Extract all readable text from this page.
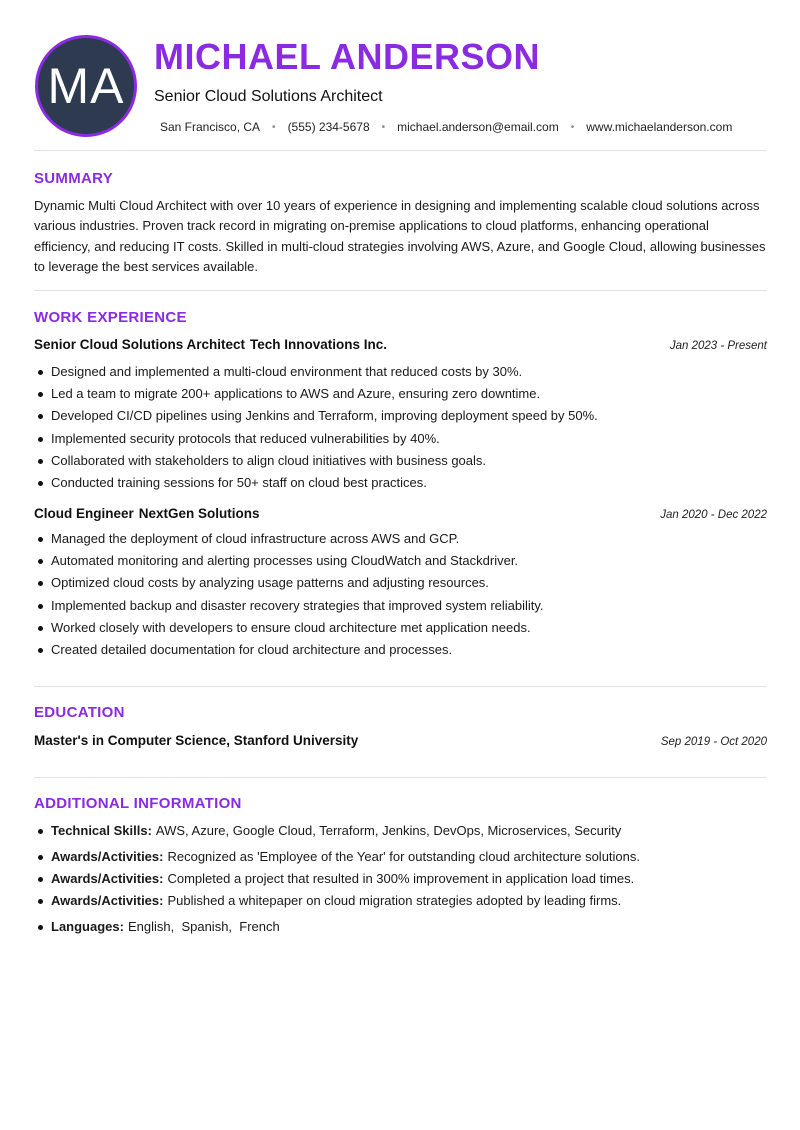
MA
MICHAEL ANDERSON
Senior Cloud Solutions Architect
San Francisco, CA • (555) 234-5678 • michael.anderson@email.com • www.michaelanderson.com
SUMMARY
Dynamic Multi Cloud Architect with over 10 years of experience in designing and implementing scalable cloud solutions across various industries. Proven track record in migrating on-premise applications to cloud platforms, enhancing operational efficiency, and reducing IT costs. Skilled in multi-cloud strategies involving AWS, Azure, and Google Cloud, allowing businesses to leverage the best services available.
WORK EXPERIENCE
Senior Cloud Solutions Architect Tech Innovations Inc.	Jan 2023 - Present
Designed and implemented a multi-cloud environment that reduced costs by 30%.
Led a team to migrate 200+ applications to AWS and Azure, ensuring zero downtime.
Developed CI/CD pipelines using Jenkins and Terraform, improving deployment speed by 50%.
Implemented security protocols that reduced vulnerabilities by 40%.
Collaborated with stakeholders to align cloud initiatives with business goals.
Conducted training sessions for 50+ staff on cloud best practices.
Cloud Engineer NextGen Solutions	Jan 2020 - Dec 2022
Managed the deployment of cloud infrastructure across AWS and GCP.
Automated monitoring and alerting processes using CloudWatch and Stackdriver.
Optimized cloud costs by analyzing usage patterns and adjusting resources.
Implemented backup and disaster recovery strategies that improved system reliability.
Worked closely with developers to ensure cloud architecture met application needs.
Created detailed documentation for cloud architecture and processes.
EDUCATION
Master's in Computer Science, Stanford University	Sep 2019 - Oct 2020
ADDITIONAL INFORMATION
Technical Skills: AWS, Azure, Google Cloud, Terraform, Jenkins, DevOps, Microservices, Security
Awards/Activities: Recognized as 'Employee of the Year' for outstanding cloud architecture solutions.
Awards/Activities: Completed a project that resulted in 300% improvement in application load times.
Awards/Activities: Published a whitepaper on cloud migration strategies adopted by leading firms.
Languages: English,  Spanish,  French
